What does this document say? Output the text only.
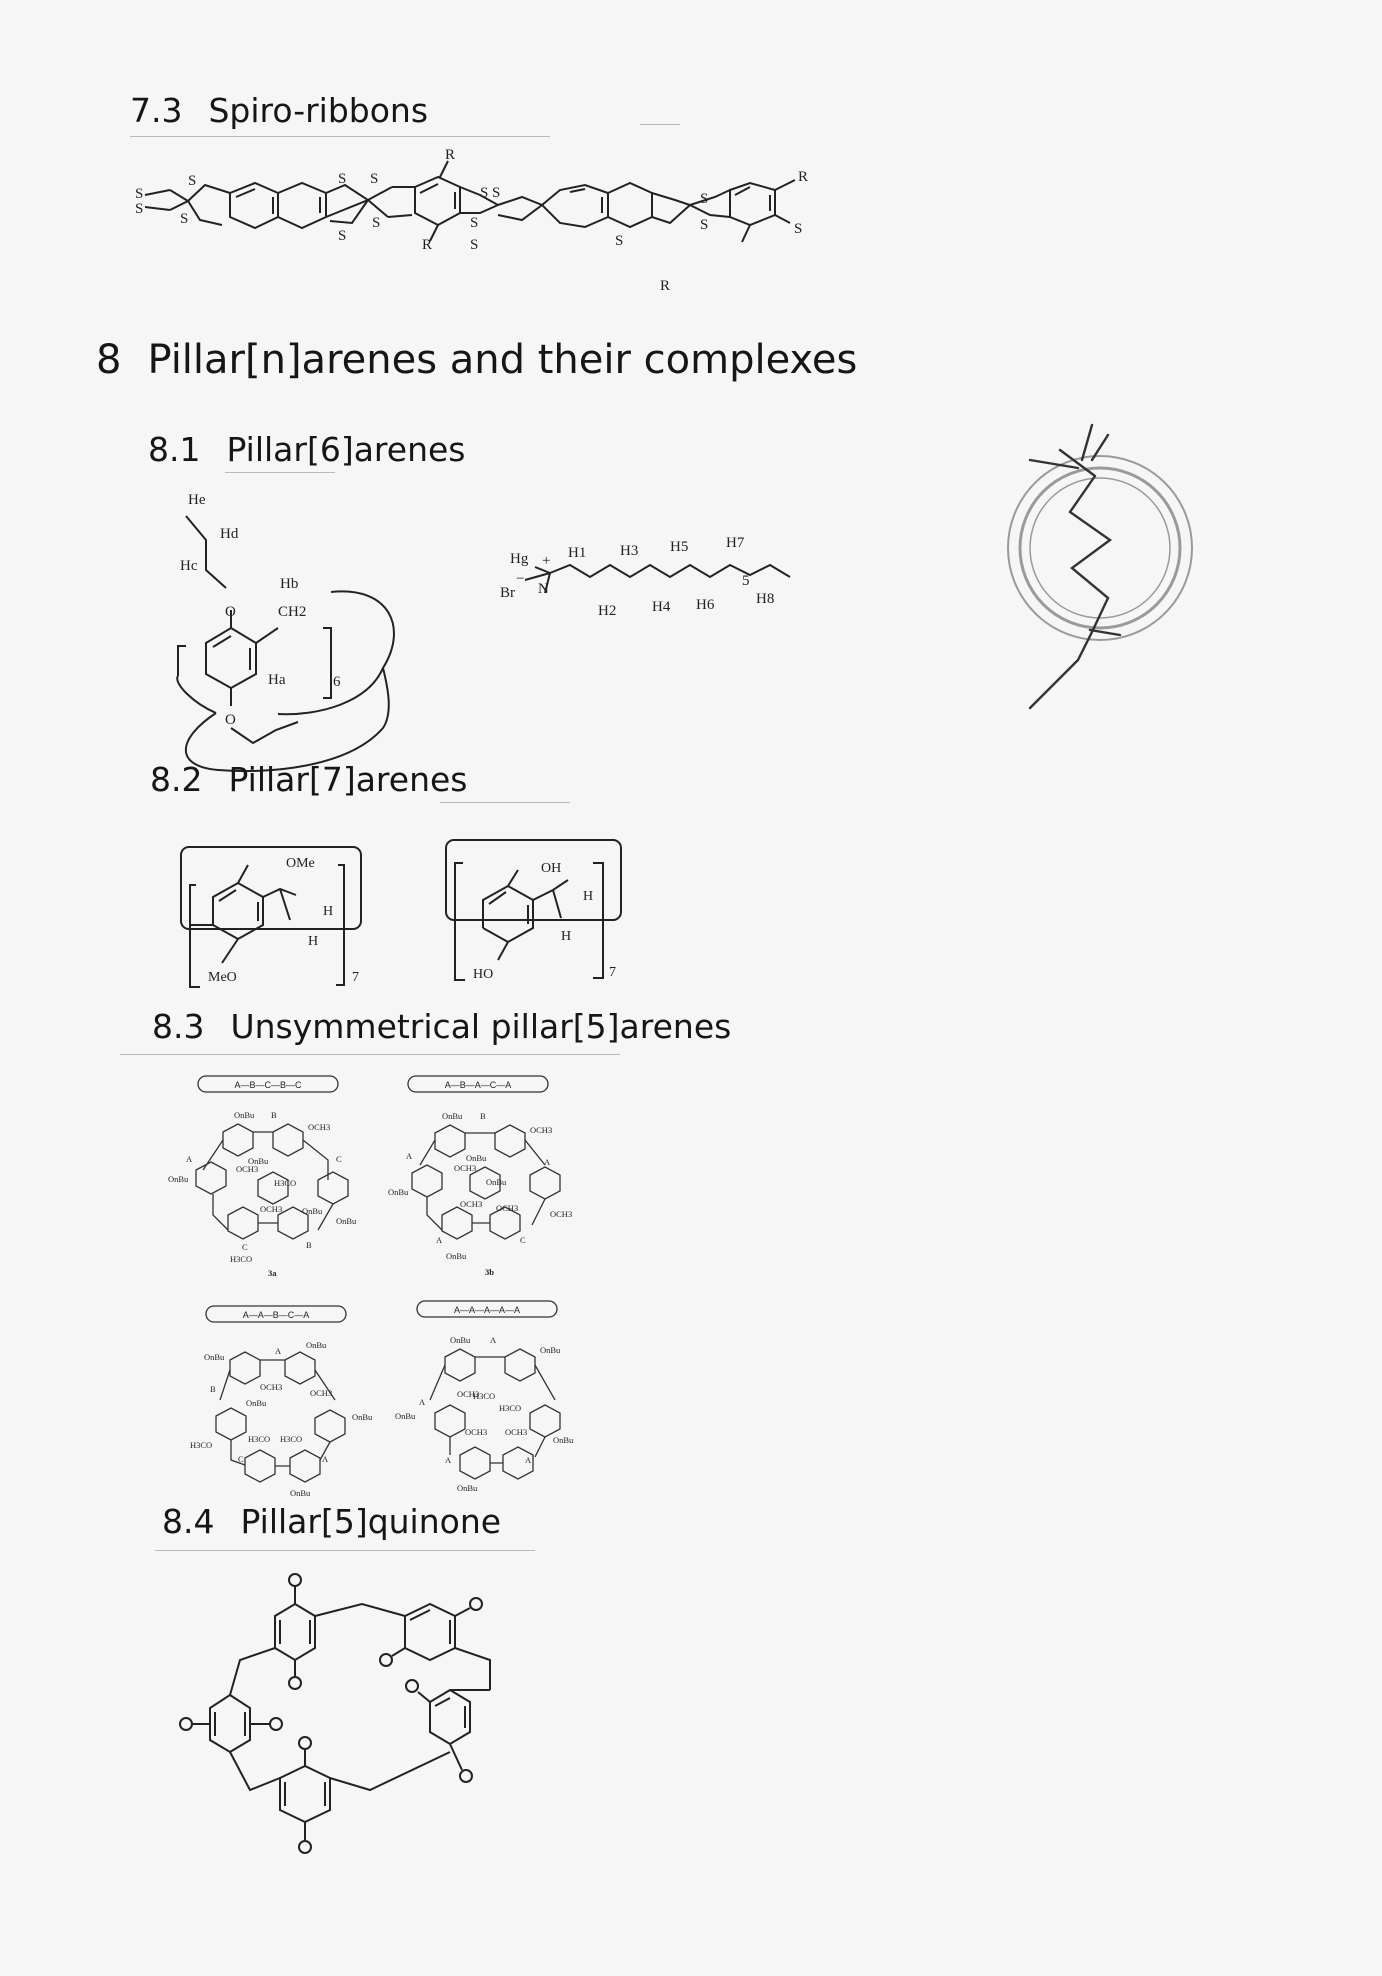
7.3 Spiro-ribbons
S
S
S
S
S
S
S
S
R
R
S
S
S
S	S
S
S
R
R
S
8 Pillar[n]arenes and their complexes
8.1 Pillar[6]arenes
He
Hd
Hc
O
Hb
CH2
Ha
O
6
Hg + H1 H3 H5	H7
−
N
Br
H2 H4 H6
5
H8
8.2 Pillar[7]arenes
OMe
H
H
MeO	7
OH
H
H
HO	7
8.3 Unsymmetrical pillar[5]arenes
A—B—C—B—C
OnBu B
OCH3
A	OnBu
OCH3
C
OnBu	H3CO
OCH3 OnBu
OnBu
C	B
H3CO
3a
A—B—A—C—A
OnBu B
OCH3
A	OnBu
OCH3
A
OnBu
OnBu
OCH3 OCH3
OCH3
A	C
OnBu
3b
A—A—B—C—A
OnBu
A
OnBu
OCH3
OCH3
B
OnBu
OnBu
H3CO
H3CO H3CO
C	A
OnBu
A—A—A—A—A
OnBu A
OnBu
A
H3CO
OCH3
H3CO
OnBu
OCH3 OCH3
OnBu
A	A
OnBu
8.4 Pillar[5]quinone
